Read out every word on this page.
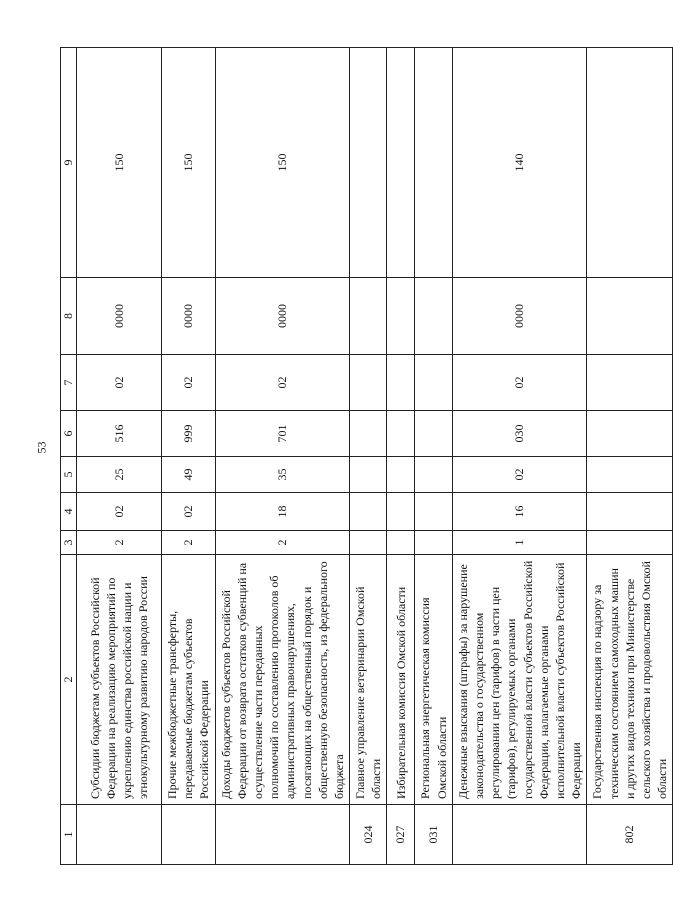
53
1	2	3	4	5	6	7	8	9
	Субсидии бюджетам субъектов Российской Федерации на реализацию мероприятий по укреплению единства российской нации и этнокультурному развитию народов России	2	02	25	516	02	0000	150
	Прочие межбюджетные трансферты, передаваемые бюджетам субъектов Российской Федерации	2	02	49	999	02	0000	150
	Доходы бюджетов субъектов Российской Федерации от возврата остатков субвенций на осуществление части переданных полномочий по составлению протоколов об административных правонарушениях, посягающих на общественный порядок и общественную безопасность, из федерального бюджета	2	18	35	701	02	0000	150
024	Главное управление ветеринарии Омской области							
027	Избирательная комиссия Омской области							
031	Региональная энергетическая комиссия Омской области							
	Денежные взыскания (штрафы) за нарушение законодательства о государственном регулировании цен (тарифов) в части цен (тарифов), регулируемых органами государственной власти субъектов Российской Федерации, налагаемые органами исполнительной власти субъектов Российской Федерации	1	16	02	030	02	0000	140
802	Государственная инспекция по надзору за техническим состоянием самоходных машин и других видов техники при Министерстве сельского хозяйства и продовольствия Омской области							
